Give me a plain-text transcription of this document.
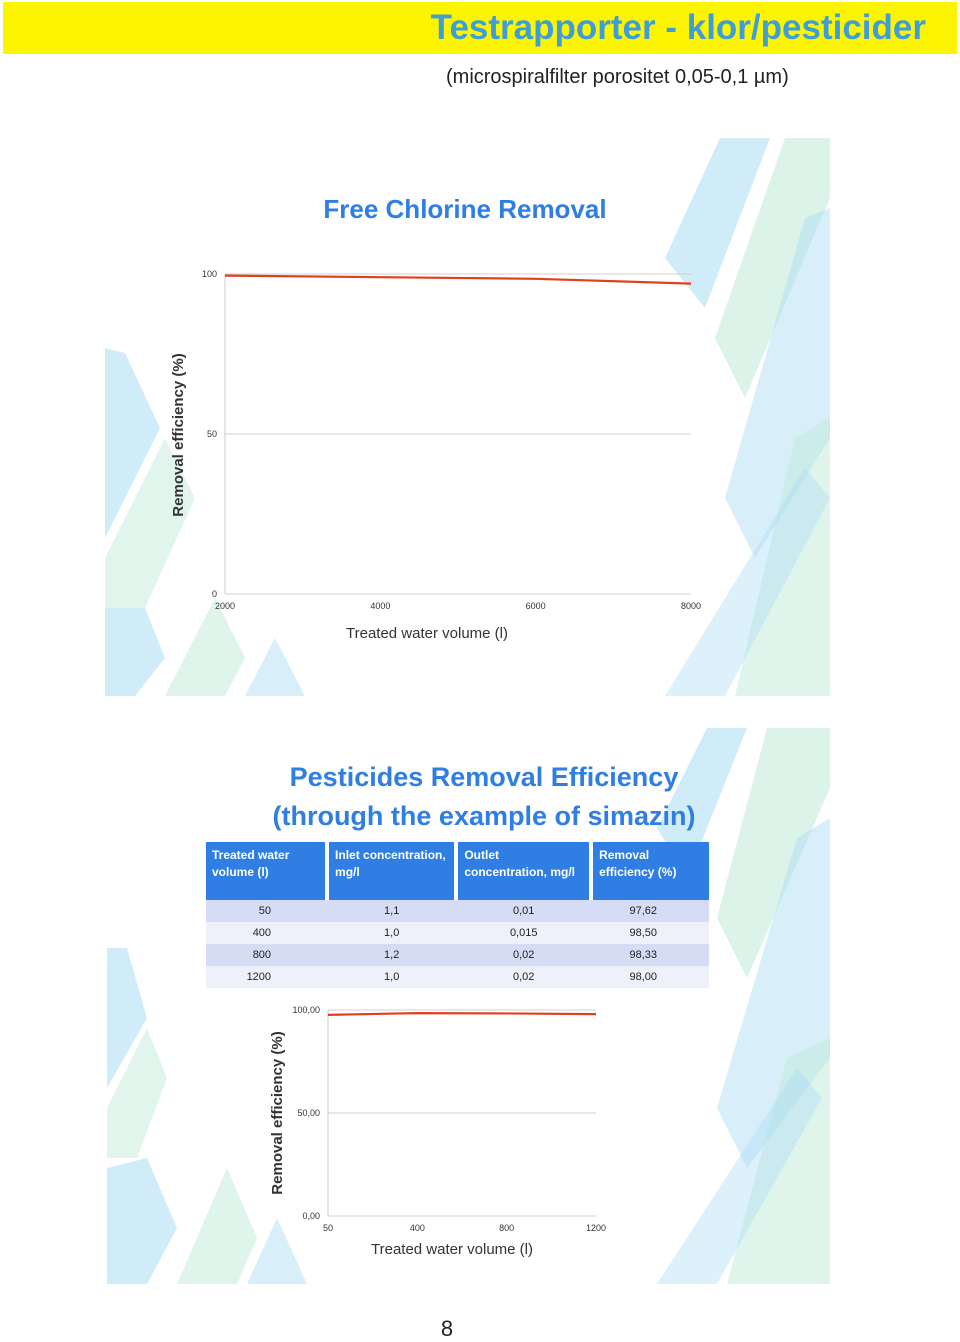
Testrapporter - klor/pesticider
(microspiralfilter porositet 0,05-0,1 µm)
Free Chlorine Removal
0
50
100
2000	4000	6000	8000
Removal efficiency (%)
Treated water volume (l)
Pesticides Removal Efficiency
(through the example of simazin)
0,00
50,00
100,00
50	400	800	1200
Removal efficiency (%)
Treated water volume (l)
Treated water volume (l)	Inlet concentration, mg/l	Outlet concentration, mg/l	Removal efficiency (%)
50	1,1	0,01	97,62
400	1,0	0,015	98,50
800	1,2	0,02	98,33
1200	1,0	0,02	98,00
8
